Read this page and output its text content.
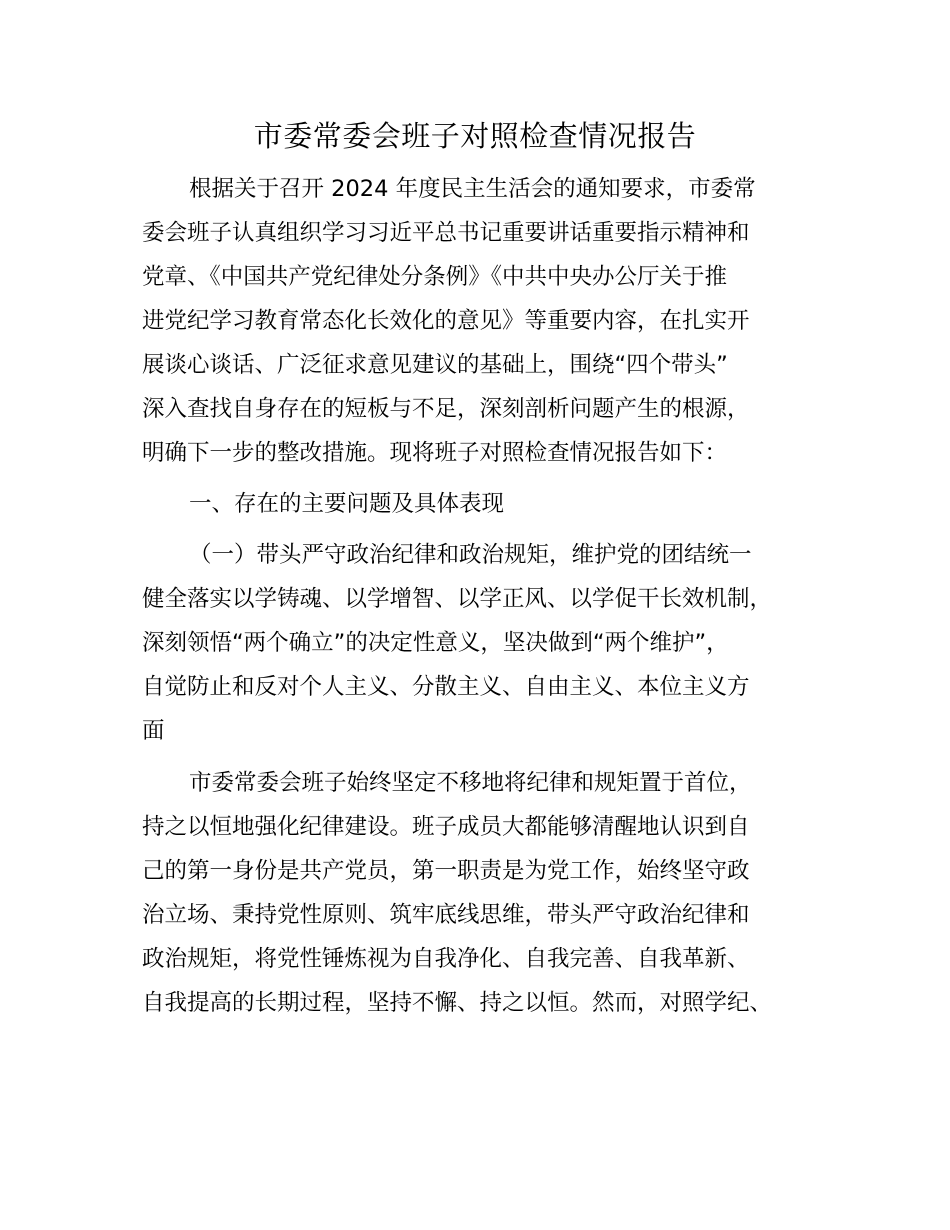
市委常委会班子对照检查情况报告

根据关于召开 2024 年度民主生活会的通知要求，市委常

委会班子认真组织学习习近平总书记重要讲话重要指示精神和

党章、《中国共产党纪律处分条例》《中共中央办公厅关于推

进党纪学习教育常态化长效化的意见》等重要内容，在扎实开

展谈心谈话、广泛征求意见建议的基础上，围绕“四个带头”

深入查找自身存在的短板与不足，深刻剖析问题产生的根源，

明确下一步的整改措施。现将班子对照检查情况报告如下：

一、存在的主要问题及具体表现

（一）带头严守政治纪律和政治规矩，维护党的团结统一

健全落实以学铸魂、以学增智、以学正风、以学促干长效机制，

深刻领悟“两个确立”的决定性意义，坚决做到“两个维护”，

自觉防止和反对个人主义、分散主义、自由主义、本位主义方

面

市委常委会班子始终坚定不移地将纪律和规矩置于首位，

持之以恒地强化纪律建设。班子成员大都能够清醒地认识到自

己的第一身份是共产党员，第一职责是为党工作，始终坚守政

治立场、秉持党性原则、筑牢底线思维，带头严守政治纪律和

政治规矩，将党性锤炼视为自我净化、自我完善、自我革新、

自我提高的长期过程，坚持不懈、持之以恒。然而，对照学纪、
